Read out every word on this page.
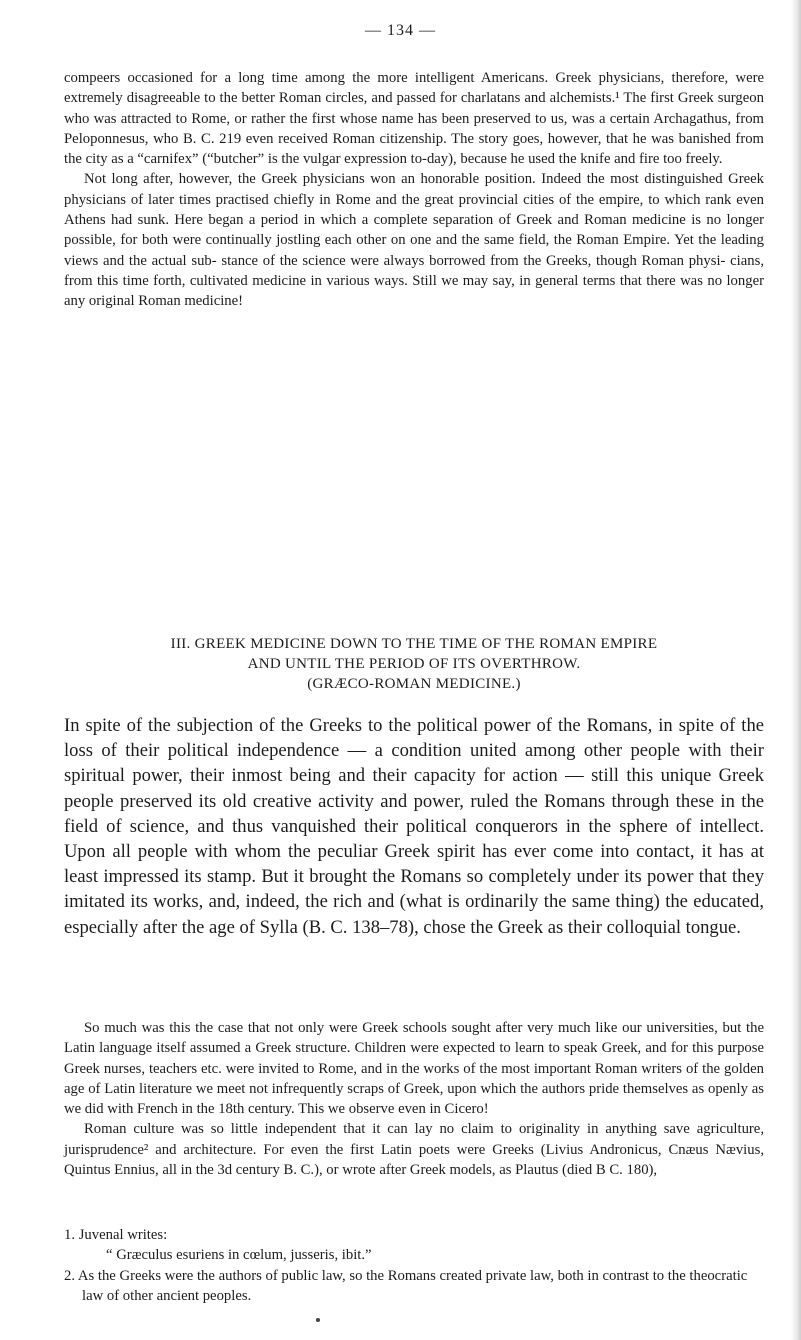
— 134 —

compeers occasioned for a long time among the more intelligent Americans. Greek physicians, therefore, were extremely disagreeable to the better Roman circles, and passed for charlatans and alchemists.¹ The first Greek surgeon who was attracted to Rome, or rather the first whose name has been preserved to us, was a certain Archagathus, from Peloponnesus, who B. C. 219 even received Roman citizenship. The story goes, however, that he was banished from the city as a “carnifex” (“butcher” is the vulgar expression to-day), because he used the knife and fire too freely.

Not long after, however, the Greek physicians won an honorable position. Indeed the most distinguished Greek physicians of later times practised chiefly in Rome and the great provincial cities of the empire, to which rank even Athens had sunk. Here began a period in which a complete separation of Greek and Roman medicine is no longer possible, for both were continually jostling each other on one and the same field, the Roman Empire. Yet the leading views and the actual sub- stance of the science were always borrowed from the Greeks, though Roman physi- cians, from this time forth, cultivated medicine in various ways. Still we may say, in general terms that there was no longer any original Roman medicine!

III. GREEK MEDICINE DOWN TO THE TIME OF THE ROMAN EMPIRE
AND UNTIL THE PERIOD OF ITS OVERTHROW.
(GRÆCO-ROMAN MEDICINE.)

In spite of the subjection of the Greeks to the political power of the Romans, in spite of the loss of their political independence — a condition united among other people with their spiritual power, their inmost being and their capacity for action — still this unique Greek people preserved its old creative activity and power, ruled the Romans through these in the field of science, and thus vanquished their political conquerors in the sphere of intellect. Upon all people with whom the peculiar Greek spirit has ever come into contact, it has at least impressed its stamp. But it brought the Romans so completely under its power that they imitated its works, and, indeed, the rich and (what is ordinarily the same thing) the educated, especially after the age of Sylla (B. C. 138–78), chose the Greek as their colloquial tongue.

So much was this the case that not only were Greek schools sought after very much like our universities, but the Latin language itself assumed a Greek structure. Children were expected to learn to speak Greek, and for this purpose Greek nurses, teachers etc. were invited to Rome, and in the works of the most important Roman writers of the golden age of Latin literature we meet not infrequently scraps of Greek, upon which the authors pride themselves as openly as we did with French in the 18th century. This we observe even in Cicero!

Roman culture was so little independent that it can lay no claim to originality in anything save agriculture, jurisprudence² and architecture. For even the first Latin poets were Greeks (Livius Andronicus, Cnæus Nævius, Quintus Ennius, all in the 3d century B. C.), or wrote after Greek models, as Plautus (died B C. 180),

1. Juvenal writes:

“ Græculus esuriens in cœlum, jusseris, ibit.”

2. As the Greeks were the authors of public law, so the Romans created private law, both in contrast to the theocratic law of other ancient peoples.
